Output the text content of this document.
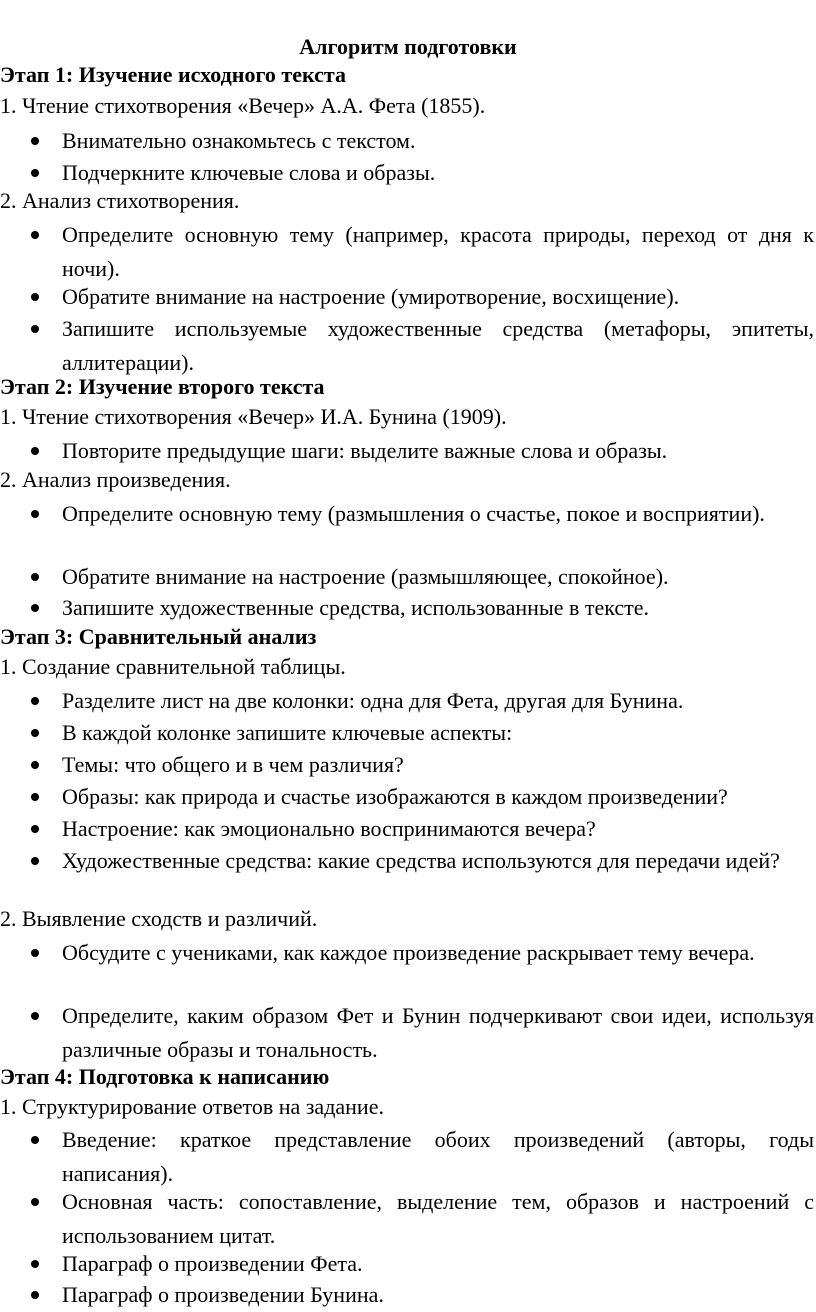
Алгоритм подготовки
Этап 1: Изучение исходного текста
1. Чтение стихотворения «Вечер» А.А. Фета (1855).
Внимательно ознакомьтесь с текстом.
Подчеркните ключевые слова и образы.
2. Анализ стихотворения.
Определите основную тему (например, красота природы, переход от дня к ночи).
Обратите внимание на настроение (умиротворение, восхищение).
Запишите используемые художественные средства (метафоры, эпитеты, аллитерации).
Этап 2: Изучение второго текста
1. Чтение стихотворения «Вечер» И.А. Бунина (1909).
Повторите предыдущие шаги: выделите важные слова и образы.
2. Анализ произведения.
Определите основную тему (размышления о счастье, покое и восприятии).
Обратите внимание на настроение (размышляющее, спокойное).
Запишите художественные средства, использованные в тексте.
Этап 3: Сравнительный анализ
1. Создание сравнительной таблицы.
Разделите лист на две колонки: одна для Фета, другая для Бунина.
В каждой колонке запишите ключевые аспекты:
Темы: что общего и в чем различия?
Образы: как природа и счастье изображаются в каждом произведении?
Настроение: как эмоционально воспринимаются вечера?
Художественные средства: какие средства используются для передачи идей?
2. Выявление сходств и различий.
Обсудите с учениками, как каждое произведение раскрывает тему вечера.
Определите, каким образом Фет и Бунин подчеркивают свои идеи, используя различные образы и тональность.
Этап 4: Подготовка к написанию
1. Структурирование ответов на задание.
Введение: краткое представление обоих произведений (авторы, годы написания).
Основная часть: сопоставление, выделение тем, образов и настроений с использованием цитат.
Параграф о произведении Фета.
Параграф о произведении Бунина.
